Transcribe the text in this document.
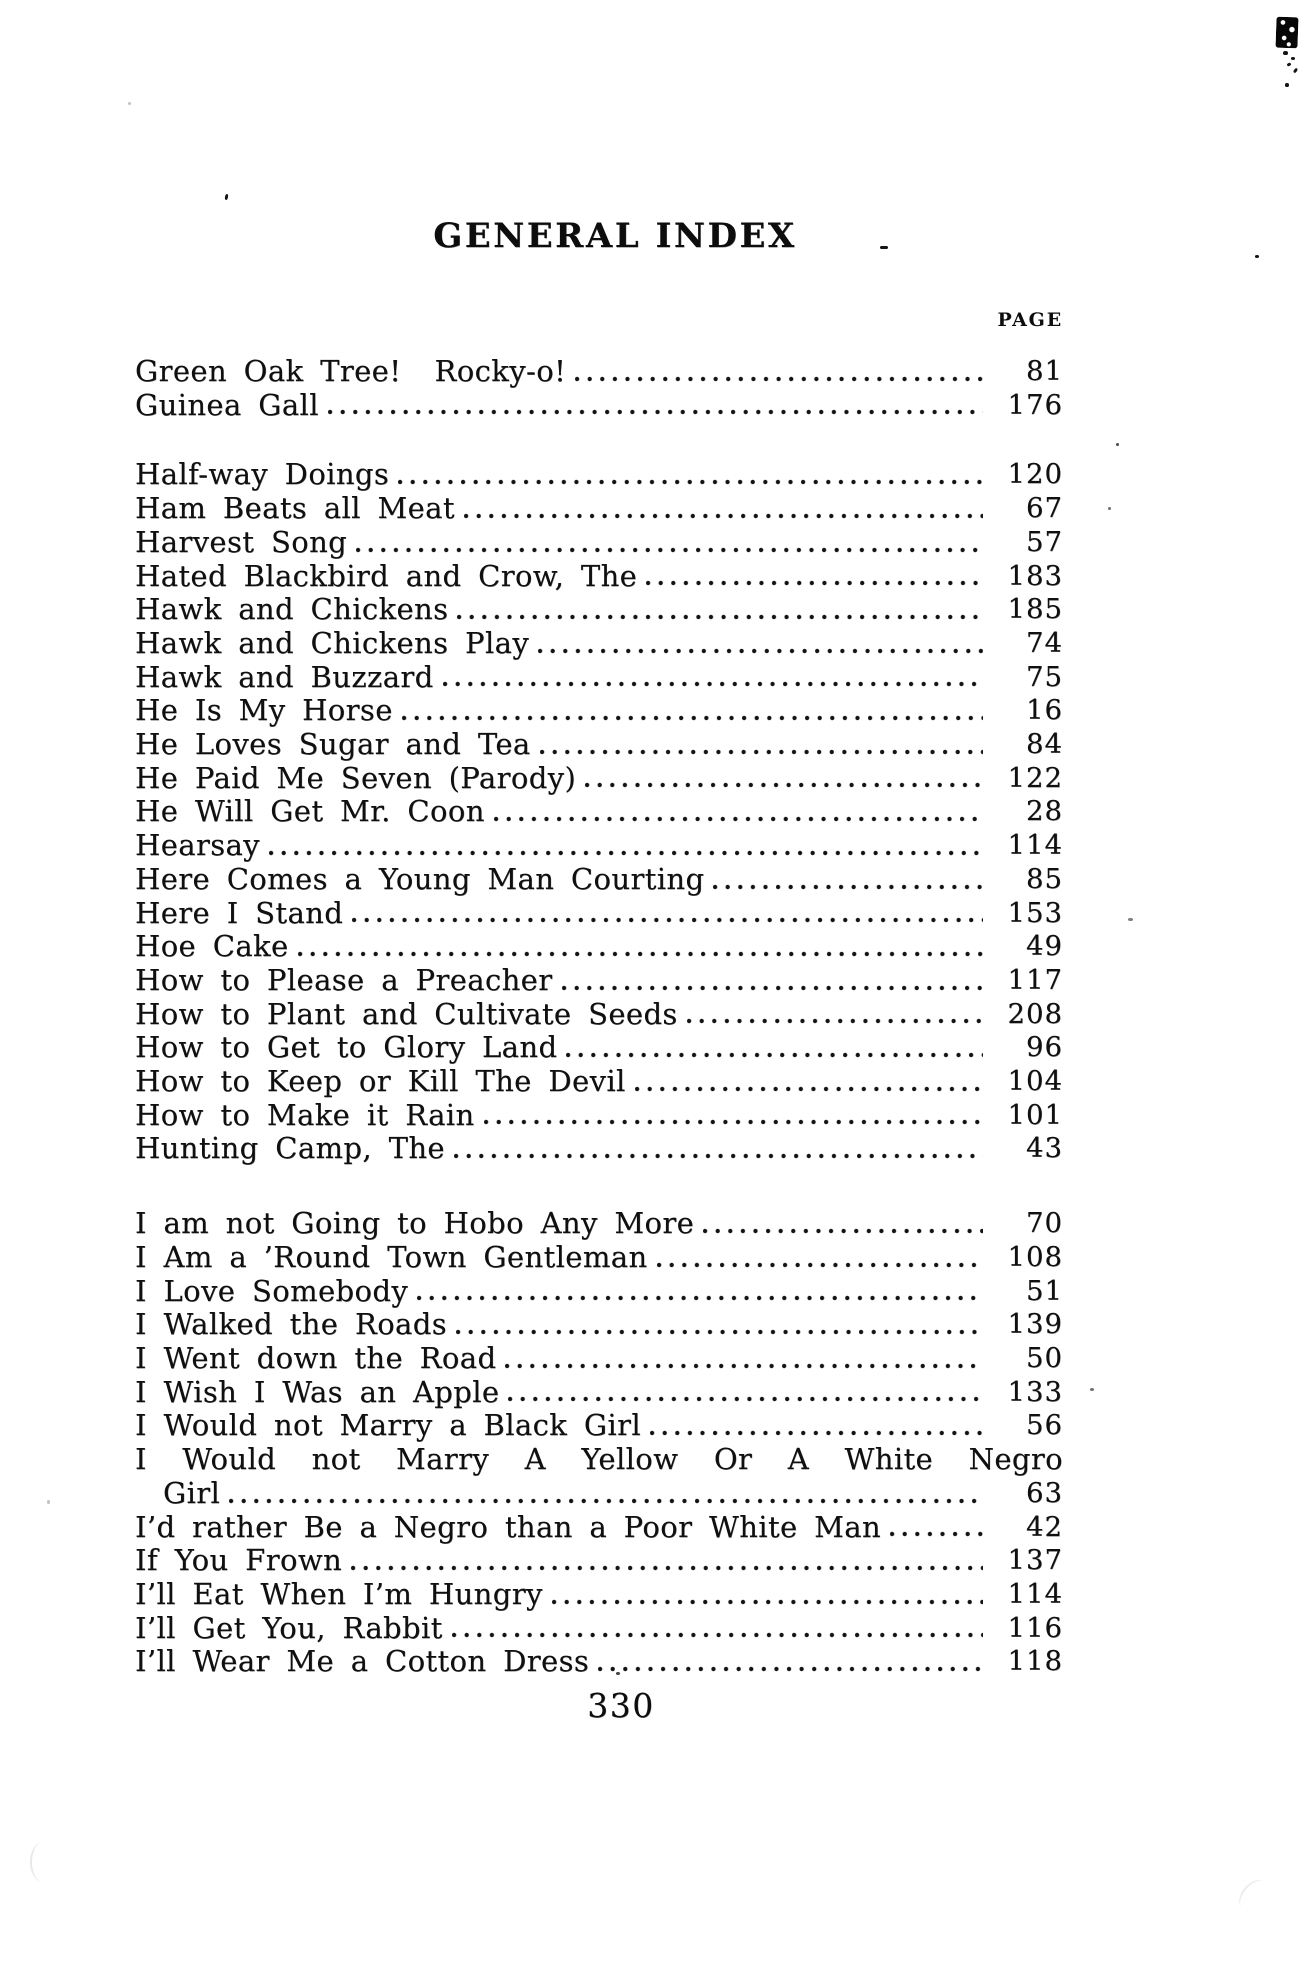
GENERAL INDEX
PAGE
Green Oak Tree!  Rocky-o!	81
Guinea Gall	176
Half-way Doings	120
Ham Beats all Meat	67
Harvest Song	57
Hated Blackbird and Crow, The	183
Hawk and Chickens	185
Hawk and Chickens Play	74
Hawk and Buzzard	75
He Is My Horse	16
He Loves Sugar and Tea	84
He Paid Me Seven (Parody)	122
He Will Get Mr. Coon	28
Hearsay	114
Here Comes a Young Man Courting	85
Here I Stand	153
Hoe Cake	49
How to Please a Preacher	117
How to Plant and Cultivate Seeds	208
How to Get to Glory Land	96
How to Keep or Kill The Devil	104
How to Make it Rain	101
Hunting Camp, The	43
I am not Going to Hobo Any More	70
I Am a ’Round Town Gentleman	108
I Love Somebody	51
I Walked the Roads	139
I Went down the Road	50
I Wish I Was an Apple	133
I Would not Marry a Black Girl	56
I Would not Marry A Yellow Or A White Negro
Girl	63
I’d rather Be a Negro than a Poor White Man	42
If You Frown	137
I’ll Eat When I’m Hungry	114
I’ll Get You, Rabbit	116
I’ll Wear Me a Cotton Dress	118
330
